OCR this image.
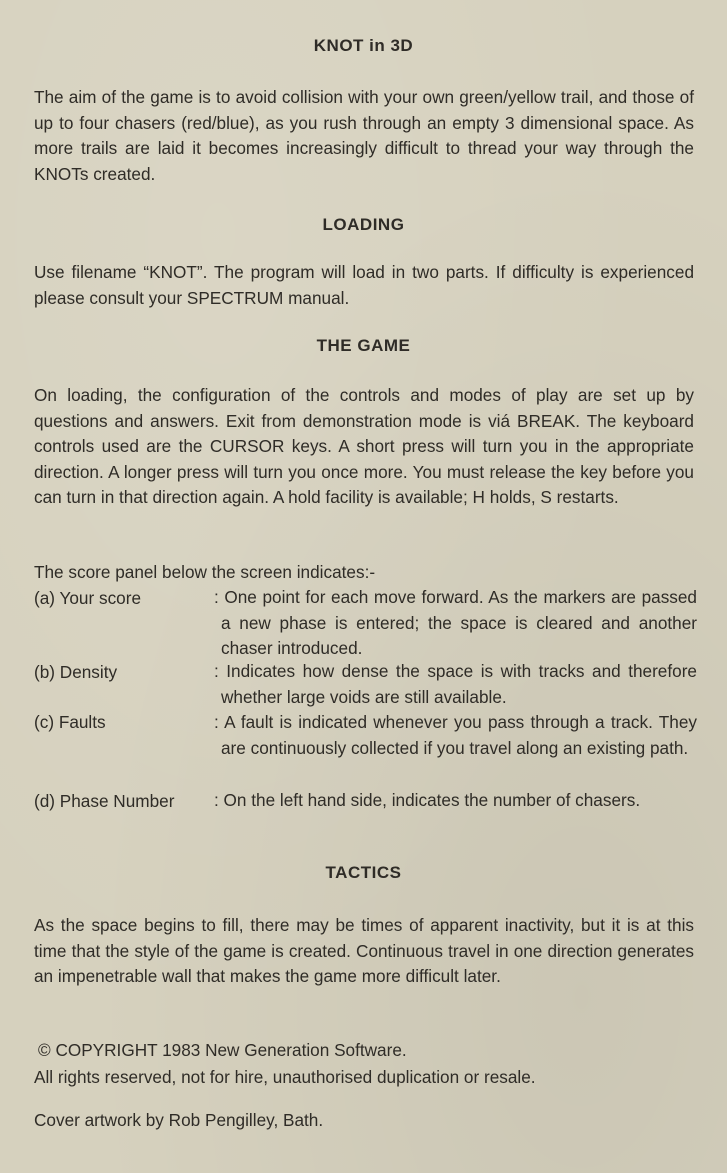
KNOT in 3D
The aim of the game is to avoid collision with your own green/yellow trail, and those of up to four chasers (red/blue), as you rush through an empty 3 dimensional space. As more trails are laid it becomes increasingly difficult to thread your way through the KNOTs created.
LOADING
Use filename “KNOT”. The program will load in two parts. If difficulty is experienced please consult your SPECTRUM manual.
THE GAME
On loading, the configuration of the controls and modes of play are set up by questions and answers. Exit from demonstration mode is viá BREAK. The keyboard controls used are the CURSOR keys. A short press will turn you in the appropriate direction. A longer press will turn you once more. You must release the key before you can turn in that direction again. A hold facility is available; H holds, S restarts.
The score panel below the screen indicates:-
(a) Your score	: One point for each move forward. As the markers are passed a new phase is entered; the space is cleared and another chaser introduced.
(b) Density	: Indicates how dense the space is with tracks and therefore whether large voids are still available.
(c) Faults	: A fault is indicated whenever you pass through a track. They are continuously collected if you travel along an existing path.
(d) Phase Number : On the left hand side, indicates the number of chasers.
TACTICS
As the space begins to fill, there may be times of apparent inactivity, but it is at this time that the style of the game is created. Continuous travel in one direction generates an impenetrable wall that makes the game more difficult later.
© COPYRIGHT 1983 New Generation Software.
All rights reserved, not for hire, unauthorised duplication or resale.
Cover artwork by Rob Pengilley, Bath.
